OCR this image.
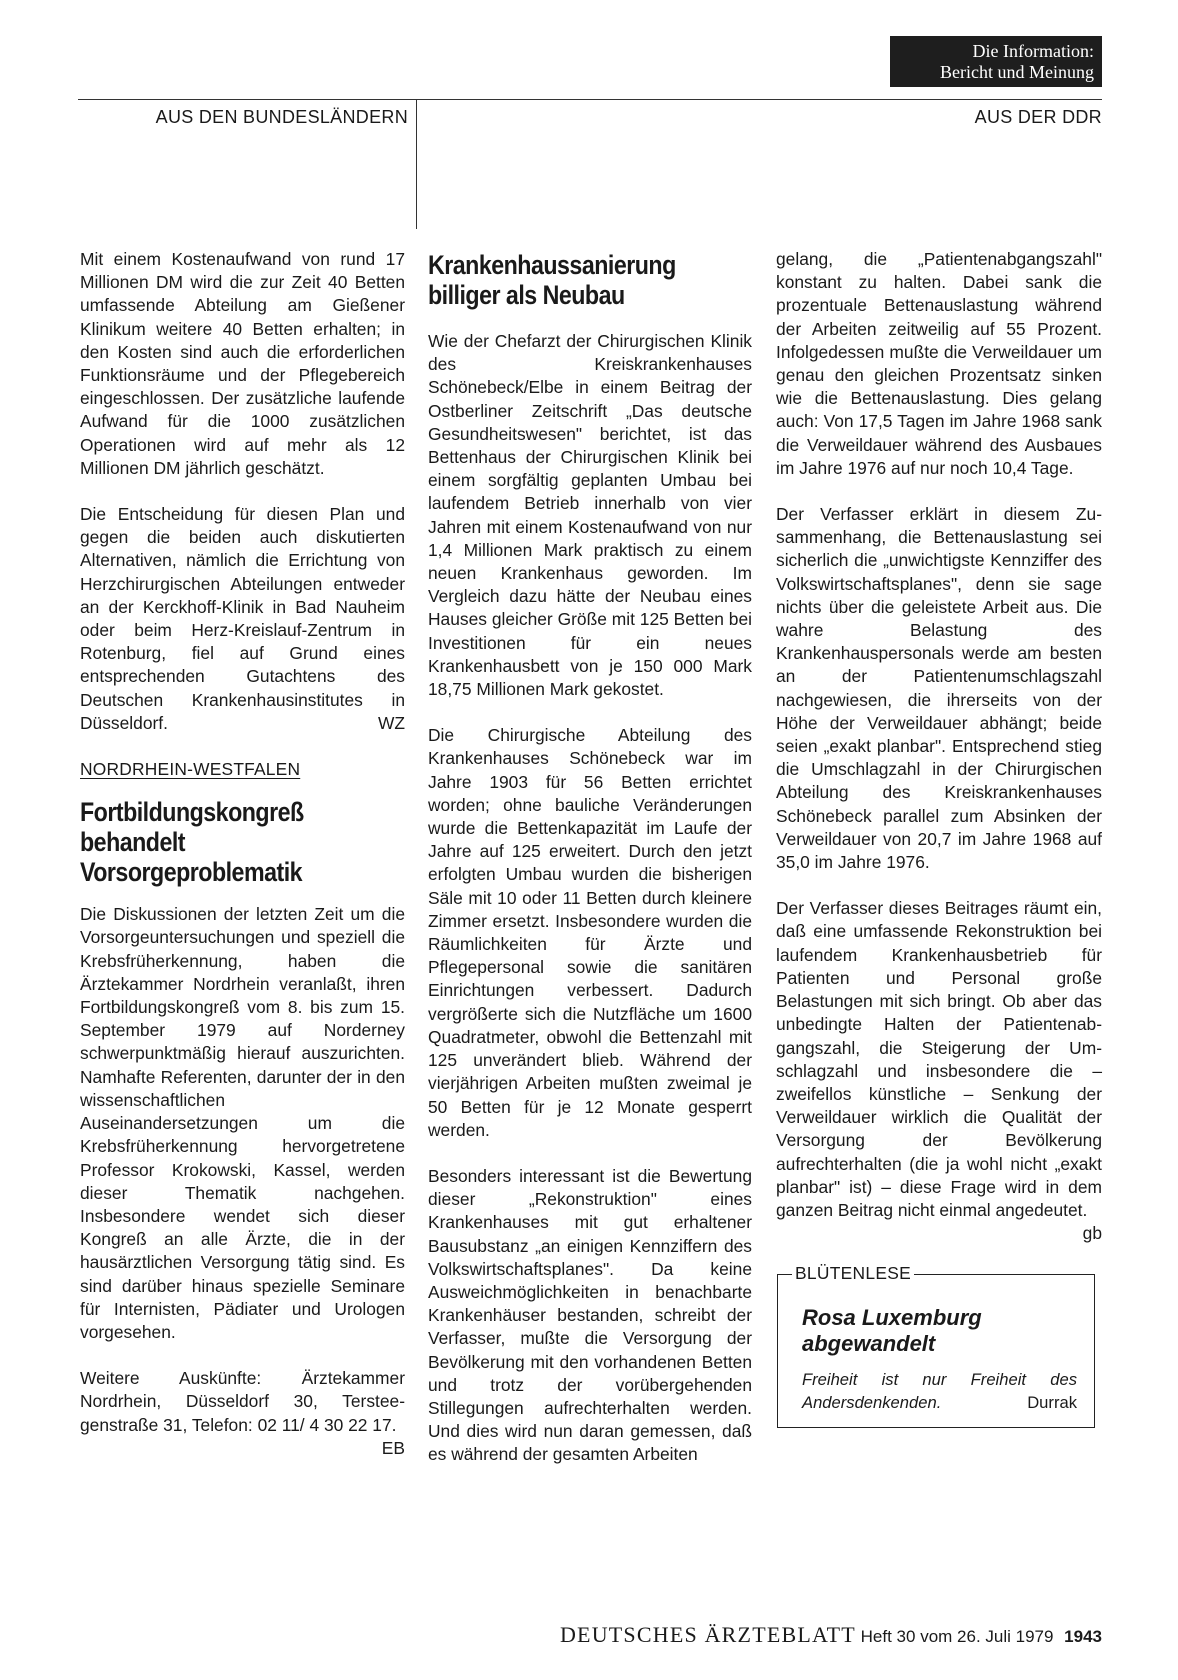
Die Information:
Bericht und Meinung
AUS DEN BUNDESLÄNDERN	AUS DER DDR

Mit einem Kostenaufwand von rund 17 Millionen DM wird die zur Zeit 40 Betten umfassende Abteilung am Gießener Klinikum weitere 40 Betten erhalten; in den Kosten sind auch die erforderlichen Funktionsräume und der Pflegebereich eingeschlossen. Der zusätzliche laufende Aufwand für die 1000 zusätzlichen Operationen wird auf mehr als 12 Millionen DM jährlich geschätzt.

Die Entscheidung für diesen Plan und gegen die beiden auch diskutierten Alternativen, nämlich die Errichtung von Herzchirurgischen Abteilungen entweder an der Kerckhoff-Klinik in Bad Nauheim oder beim Herz-Kreislauf-Zentrum in Rotenburg, fiel auf Grund eines entsprechenden Gutachtens des Deutschen Krankenhausinstitutes in Düsseldorf.	WZ

NORDRHEIN-WESTFALEN
Fortbildungskongreß behandelt Vorsorgeproblematik

Die Diskussionen der letzten Zeit um die Vorsorgeuntersuchungen und speziell die Krebsfrüherkennung, haben die Ärztekammer Nordrhein veranlaßt, ihren Fortbildungskongreß vom 8. bis zum 15. September 1979 auf Norderney schwerpunktmäßig hierauf auszurichten. Namhafte Referenten, darunter der in den wissenschaftlichen Auseinandersetzungen um die Krebsfrüherkennung hervorgetretene Professor Krokowski, Kassel, werden dieser Thematik nachgehen. Insbesondere wendet sich dieser Kongreß an alle Ärzte, die in der hausärztlichen Versorgung tätig sind. Es sind darüber hinaus spezielle Seminare für Internisten, Pädiater und Urologen vorgesehen.

Weitere Auskünfte: Ärztekammer Nordrhein, Düsseldorf 30, Tersteegenstraße 31, Telefon: 02 11/ 4 30 22 17.
EB

Krankenhaussanierung billiger als Neubau

Wie der Chefarzt der Chirurgischen Klinik des Kreiskrankenhauses Schönebeck/Elbe in einem Beitrag der Ostberliner Zeitschrift „Das deutsche Gesundheitswesen" berichtet, ist das Bettenhaus der Chirurgischen Klinik bei einem sorgfältig geplanten Umbau bei laufendem Betrieb innerhalb von vier Jahren mit einem Kostenaufwand von nur 1,4 Millionen Mark praktisch zu einem neuen Krankenhaus geworden. Im Vergleich dazu hätte der Neubau eines Hauses gleicher Größe mit 125 Betten bei Investitionen für ein neues Krankenhausbett von je 150 000 Mark 18,75 Millionen Mark gekostet.

Die Chirurgische Abteilung des Krankenhauses Schönebeck war im Jahre 1903 für 56 Betten errichtet worden; ohne bauliche Veränderungen wurde die Bettenkapazität im Laufe der Jahre auf 125 erweitert. Durch den jetzt erfolgten Umbau wurden die bisherigen Säle mit 10 oder 11 Betten durch kleinere Zimmer ersetzt. Insbesondere wurden die Räumlichkeiten für Ärzte und Pflegepersonal sowie die sanitären Einrichtungen verbessert. Dadurch vergrößerte sich die Nutzfläche um 1600 Quadratmeter, obwohl die Bettenzahl mit 125 unverändert blieb. Während der vierjährigen Arbeiten mußten zweimal je 50 Betten für je 12 Monate gesperrt werden.

Besonders interessant ist die Bewertung dieser „Rekonstruktion" eines Krankenhauses mit gut erhaltener Bausubstanz „an einigen Kennziffern des Volkswirtschaftsplanes". Da keine Ausweichmöglichkeiten in benachbarte Krankenhäuser bestanden, schreibt der Verfasser, mußte die Versorgung der Bevölkerung mit den vorhandenen Betten und trotz der vorübergehenden Stillegungen aufrechterhalten werden. Und dies wird nun daran gemessen, daß es während der gesamten Arbeiten

gelang, die „Patientenabgangszahl" konstant zu halten. Dabei sank die prozentuale Bettenauslastung während der Arbeiten zeitweilig auf 55 Prozent. Infolgedessen mußte die Verweildauer um genau den gleichen Prozentsatz sinken wie die Bettenauslastung. Dies gelang auch: Von 17,5 Tagen im Jahre 1968 sank die Verweildauer während des Ausbaues im Jahre 1976 auf nur noch 10,4 Tage.

Der Verfasser erklärt in diesem Zusammenhang, die Bettenauslastung sei sicherlich die „unwichtigste Kennziffer des Volkswirtschaftsplanes", denn sie sage nichts über die geleistete Arbeit aus. Die wahre Belastung des Krankenhauspersonals werde am besten an der Patientenumschlagszahl nachgewiesen, die ihrerseits von der Höhe der Verweildauer abhängt; beide seien „exakt planbar". Entsprechend stieg die Umschlagzahl in der Chirurgischen Abteilung des Kreiskrankenhauses Schönebeck parallel zum Absinken der Verweildauer von 20,7 im Jahre 1968 auf 35,0 im Jahre 1976.

Der Verfasser dieses Beitrages räumt ein, daß eine umfassende Rekonstruktion bei laufendem Krankenhausbetrieb für Patienten und Personal große Belastungen mit sich bringt. Ob aber das unbedingte Halten der Patientenabgangszahl, die Steigerung der Umschlagzahl und insbesondere die – zweifellos künstliche – Senkung der Verweildauer wirklich die Qualität der Versorgung der Bevölkerung aufrechterhalten (die ja wohl nicht „exakt planbar" ist) – diese Frage wird in dem ganzen Beitrag nicht einmal angedeutet.
gb

BLÜTENLESE
Rosa Luxemburg abgewandelt
Freiheit ist nur Freiheit des Andersdenkenden.	Durrak
DEUTSCHES ÄRZTEBLATT Heft 30 vom 26. Juli 1979 1943
